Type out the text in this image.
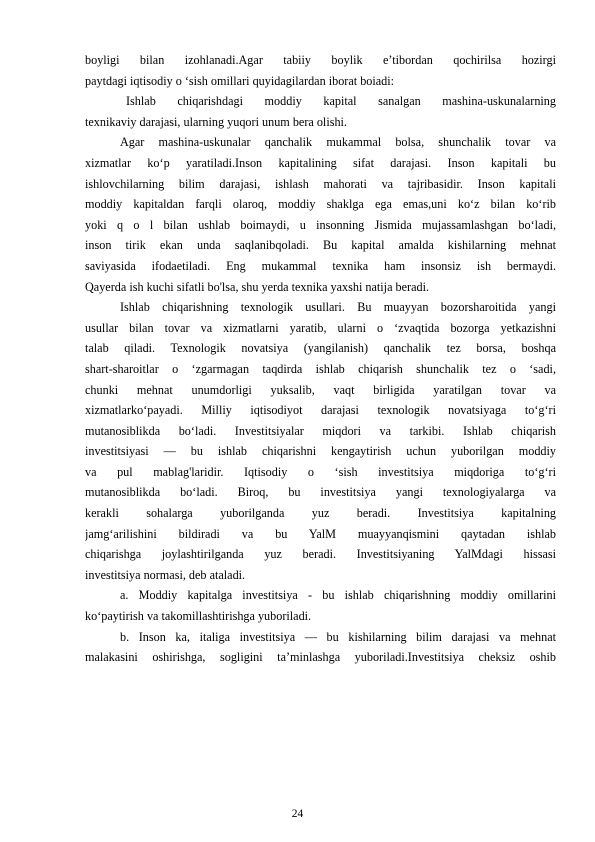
boyligi bilan izohlanadi.Agar tabiiy boylik e’tibordan qochirilsa hozirgi
paytdagi iqtisodiy o ‘sish omillari quyidagilardan iborat boiadi:
Ishlab chiqarishdagi moddiy kapital sanalgan mashina-uskunalarning
texnikaviy darajasi, ularning yuqori unum bera olishi.
Agar mashina-uskunalar qanchalik mukammal bolsa, shunchalik tovar va
xizmatlar ko‘p yaratiladi.Inson kapitalining sifat darajasi. Inson kapitali bu
ishlovchilarning bilim darajasi, ishlash mahorati va tajribasidir. Inson kapitali
moddiy kapitaldan farqli olaroq, moddiy shaklga ega emas,uni ko‘z bilan ko‘rib
yoki q o l bilan ushlab boimaydi, u insonning Jismida mujassamlashgan bo‘ladi,
inson tirik ekan unda saqlanibqoladi. Bu kapital amalda kishilarning mehnat
saviyasida ifodaetiladi. Eng mukammal texnika ham insonsiz ish bermaydi.
Qayerda ish kuchi sifatli bo'lsa, shu yerda texnika yaxshi natija beradi.
Ishlab chiqarishning texnologik usullari. Bu muayyan bozorsharoitida yangi
usullar bilan tovar va xizmatlarni yaratib, ularni o ‘zvaqtida bozorga yetkazishni
talab qiladi. Texnologik novatsiya (yangilanish) qanchalik tez borsa, boshqa
shart-sharoitlar o ‘zgarmagan taqdirda ishlab chiqarish shunchalik tez o ‘sadi,
chunki mehnat unumdorligi yuksalib, vaqt birligida yaratilgan tovar va
xizmatlarko‘payadi. Milliy iqtisodiyot darajasi texnologik novatsiyaga to‘g‘ri
mutanosiblikda bo‘ladi. Investitsiyalar miqdori va tarkibi. Ishlab chiqarish
investitsiyasi — bu ishlab chiqarishni kengaytirish uchun yuborilgan moddiy
va pul mablag'laridir. Iqtisodiy o ‘sish investitsiya miqdoriga to‘g‘ri
mutanosiblikda bo‘ladi. Biroq, bu investitsiya yangi texnologiyalarga va
kerakli sohalarga yuborilganda yuz beradi. Investitsiya kapitalning
jamg‘arilishini bildiradi va bu YalM muayyanqismini qaytadan ishlab
chiqarishga joylashtirilganda yuz beradi. Investitsiyaning YalMdagi hissasi
investitsiya normasi, deb ataladi.
a. Moddiy kapitalga investitsiya - bu ishlab chiqarishning moddiy omillarini
ko‘paytirish va takomillashtirishga yuboriladi.
b. Inson ka, italiga investitsiya — bu kishilarning bilim darajasi va mehnat
malakasini oshirishga, sogligini ta’minlashga yuboriladi.Investitsiya cheksiz oshib
24
